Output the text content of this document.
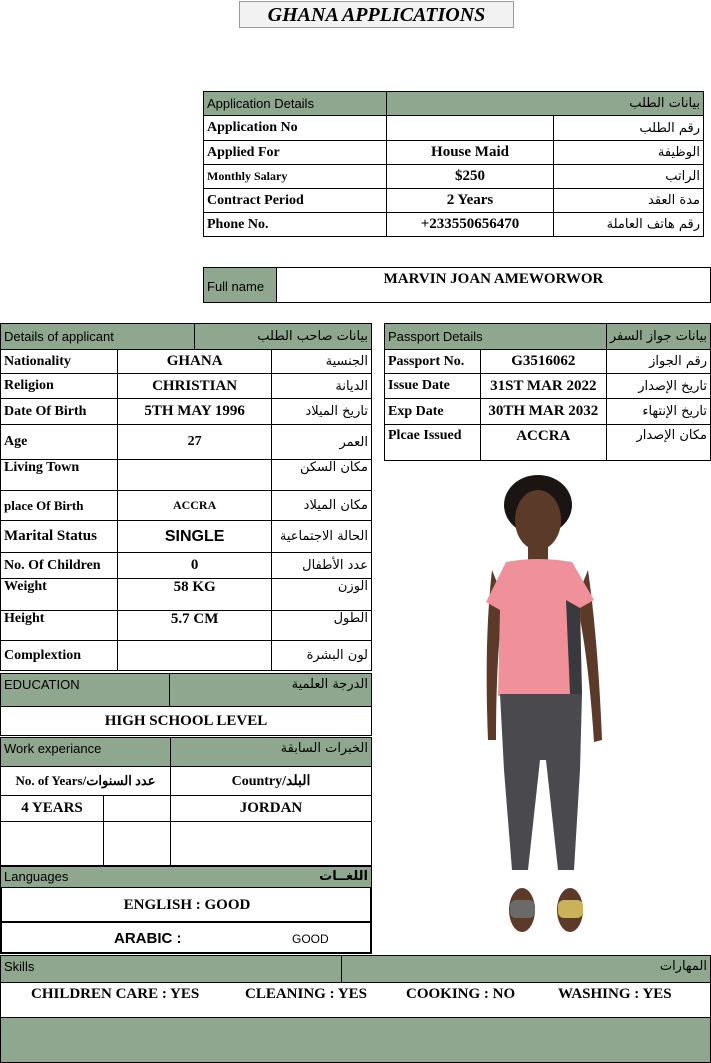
GHANA APPLICATIONS
Application Details	بيانات الطلب	
Application No		رقم الطلب
Applied For	House Maid	الوظيفة
Monthly Salary	$250	الراتب
Contract Period	2 Years	مدة العقد
Phone No.	+233550656470	رقم هاتف العاملة
Full name	MARVIN JOAN AMEWORWOR
Details of applicant		بيانات صاحب الطلب	
Nationality	GHANA		الجنسية
Religion	CHRISTIAN		الديانة
Date Of Birth	5TH MAY 1996		تاريخ الميلاد
Age	27		العمر
Living Town			مكان السكن
place Of Birth	ACCRA		مكان الميلاد
Marital Status	SINGLE		الحالة الاجتماعية
No. Of Children	0		عدد الأطفال
Weight	58 KG		الوزن
Height	5.7 CM		الطول
Complextion			لون البشرة
Passport Details		بيانات جواز السفر
Passport No.	G3516062	رقم الجواز
Issue Date	31ST MAR 2022	تاريخ الإصدار
Exp Date	30TH MAR 2032	تاريخ الإنتهاء
Plcae Issued	ACCRA	مكان الإصدار
EDUCATION	الدرجة العلمية
HIGH SCHOOL LEVEL
Work experiance		الخبرات السابقة
No. of Years/عدد السنوات		Country/البلد
4 YEARS		JORDAN

Languages	اللغــات
ENGLISH : GOOD
ARABIC :	GOOD
Skills	المهارات
CHILDREN CARE : YES	CLEANING : YES	COOKING : NO	WASHING : YES
